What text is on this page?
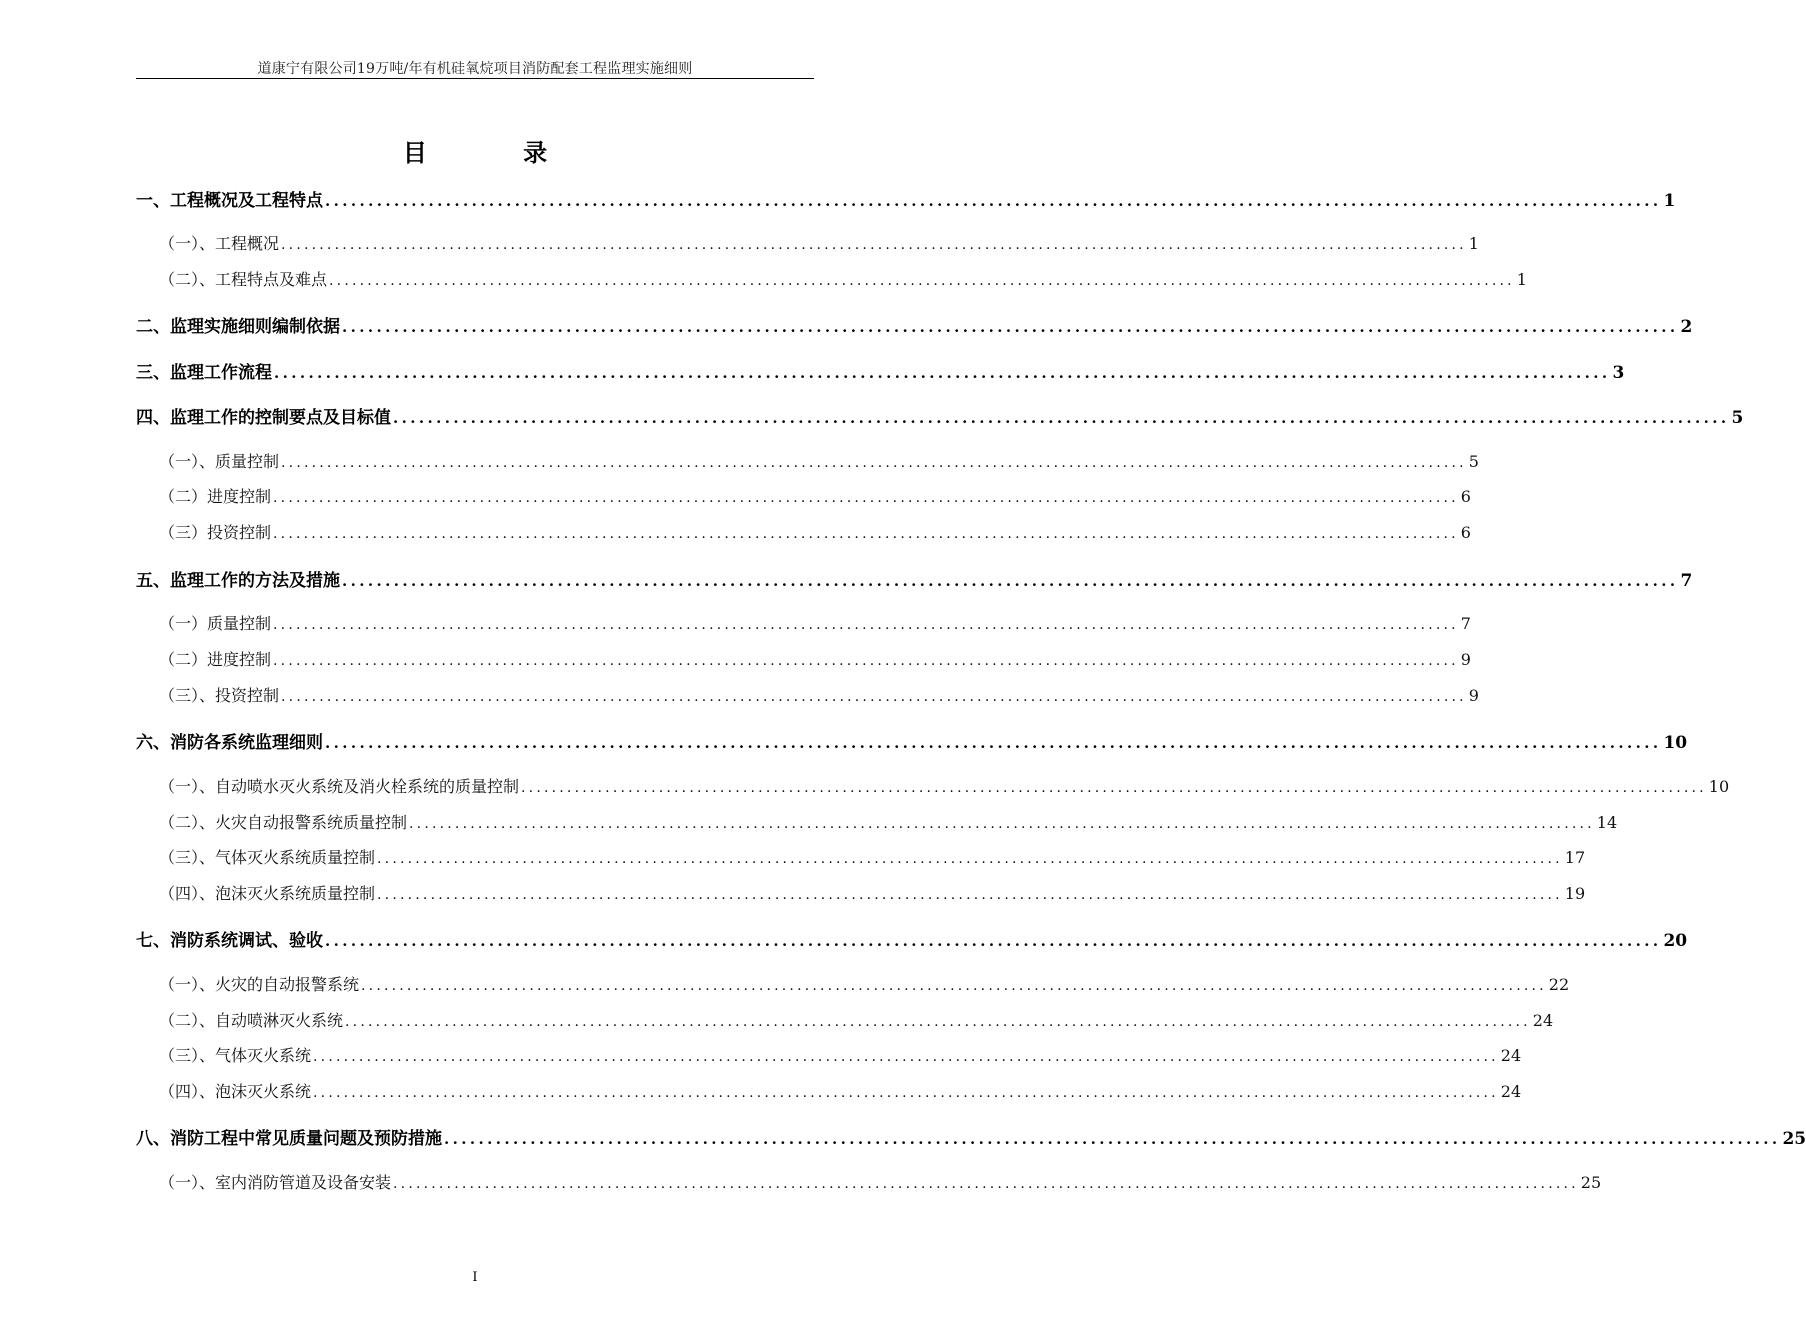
道康宁有限公司19万吨/年有机硅氧烷项目消防配套工程监理实施细则
目 录
一、工程概况及工程特点 ........................................................................................................................................................... 1
（一）、工程概况 ........................................................................................................................................................... 1
（二）、工程特点及难点 ........................................................................................................................................................... 1
二、监理实施细则编制依据 ........................................................................................................................................................... 2
三、监理工作流程 ........................................................................................................................................................... 3
四、监理工作的控制要点及目标值 ........................................................................................................................................................... 5
（一）、质量控制 ........................................................................................................................................................... 5
（二）进度控制 ........................................................................................................................................................... 6
（三）投资控制 ........................................................................................................................................................... 6
五、监理工作的方法及措施 ........................................................................................................................................................... 7
（一）质量控制 ........................................................................................................................................................... 7
（二）进度控制 ........................................................................................................................................................... 9
（三）、投资控制 ........................................................................................................................................................... 9
六、消防各系统监理细则 ........................................................................................................................................................... 10
（一）、自动喷水灭火系统及消火栓系统的质量控制 ........................................................................................................................................................... 10
（二）、火灾自动报警系统质量控制 ........................................................................................................................................................... 14
（三）、气体灭火系统质量控制 ........................................................................................................................................................... 17
（四）、泡沫灭火系统质量控制 ........................................................................................................................................................... 19
七、消防系统调试、验收 ........................................................................................................................................................... 20
（一）、火灾的自动报警系统 ........................................................................................................................................................... 22
（二）、自动喷淋灭火系统 ........................................................................................................................................................... 24
（三）、气体灭火系统 ........................................................................................................................................................... 24
（四）、泡沫灭火系统 ........................................................................................................................................................... 24
八、消防工程中常见质量问题及预防措施 ........................................................................................................................................................... 25
（一）、室内消防管道及设备安装 ........................................................................................................................................................... 25
I
